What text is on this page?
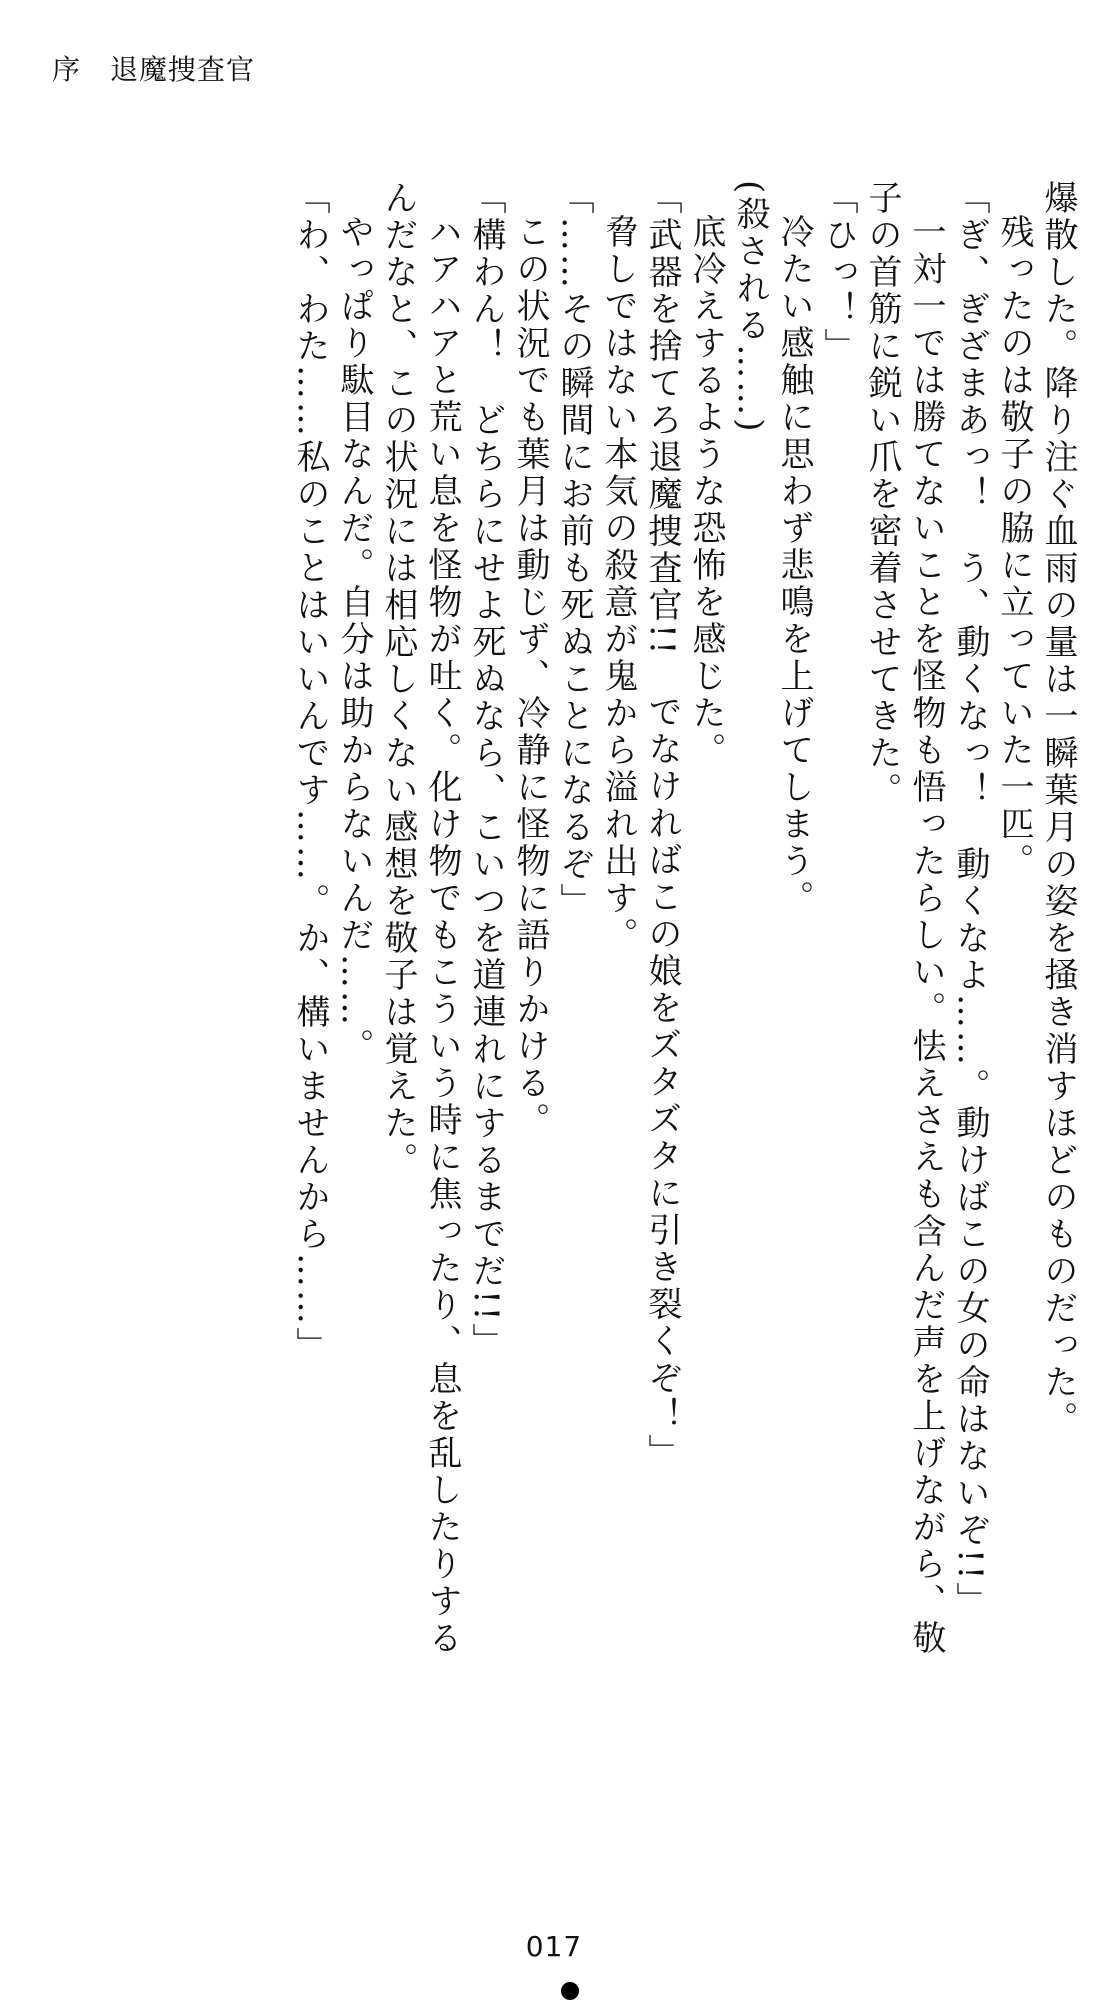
序　退魔捜査官
爆散した。降り注ぐ血雨の量は一瞬葉月の姿を掻き消すほどのものだった。
残ったのは敬子の脇に立っていた一匹。
「ぎ、ぎざまあっ！　う、動くなっ！　動くなよ……。動けばこの女の命はないぞ!!」
一対一では勝てないことを怪物も悟ったらしい。怯えさえも含んだ声を上げながら、敬
子の首筋に鋭い爪を密着させてきた。
「ひっ！」
冷たい感触に思わず悲鳴を上げてしまう。
(殺される……)
底冷えするような恐怖を感じた。
「武器を捨てろ退魔捜査官!!　でなければこの娘をズタズタに引き裂くぞ！」
脅しではない本気の殺意が鬼から溢れ出す。
「……その瞬間にお前も死ぬことになるぞ」
この状況でも葉月は動じず、冷静に怪物に語りかける。
「構わん！　どちらにせよ死ぬなら、こいつを道連れにするまでだ!!」
ハアハアと荒い息を怪物が吐く。化け物でもこういう時に焦ったり、息を乱したりする
んだなと、この状況には相応しくない感想を敬子は覚えた。
やっぱり駄目なんだ。自分は助からないんだ……。
「わ、わた……私のことはいいんです……。か、構いませんから……」
017
